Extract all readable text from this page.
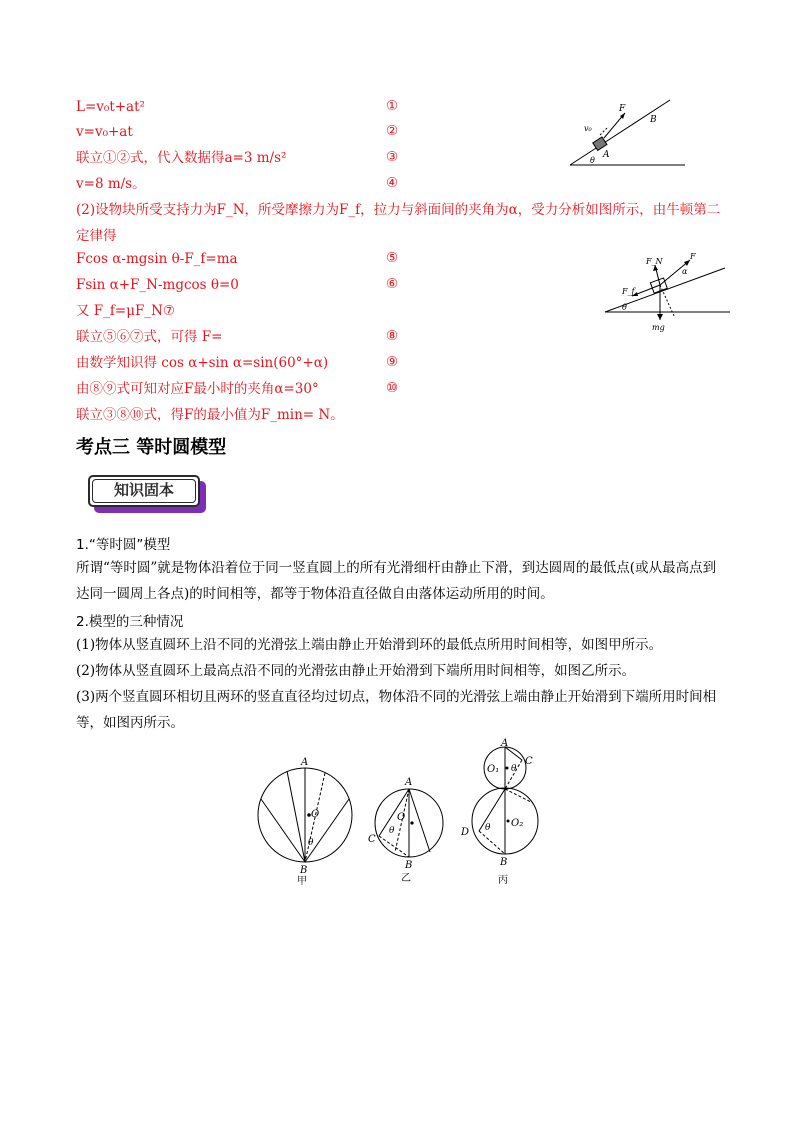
L=v₀t+at²	①
v=v₀+at	②
联立①②式，代入数据得a=3 m/s²	③
v=8 m/s。	④
F
B
v₀
A
θ
(2)设物块所受支持力为F_N，所受摩擦力为F_f，拉力与斜面间的夹角为α，受力分析如图所示，由牛顿第二定律得
Fcos α-mgsin θ-F_f=ma	⑤
Fsin α+F_N-mgcos θ=0	⑥
又 F_f=μF_N⑦
联立⑤⑥⑦式，可得 F=	⑧
由数学知识得 cos α+sin α=sin(60°+α)	⑨
由⑧⑨式可知对应F最小时的夹角α=30°	⑩
联立③⑧⑩式，得F的最小值为F_min= N。
F_N
F
α
F_f
θ
mg
考点三 等时圆模型
知识固本
1.“等时圆”模型
所谓“等时圆”就是物体沿着位于同一竖直圆上的所有光滑细杆由静止下滑，到达圆周的最低点(或从最高点到达同一圆周上各点)的时间相等，都等于物体沿直径做自由落体运动所用的时间。
2.模型的三种情况
(1)物体从竖直圆环上沿不同的光滑弦上端由静止开始滑到环的最低点所用时间相等，如图甲所示。
(2)物体从竖直圆环上最高点沿不同的光滑弦由静止开始滑到下端所用时间相等，如图乙所示。
(3)两个竖直圆环相切且两环的竖直直径均过切点，物体沿不同的光滑弦上端由静止开始滑到下端所用时间相等，如图丙所示。
A
O
θ
B
甲
A
O
C
θ
B
乙
A
O₁
C
θ
O₂
D θ
B
丙
